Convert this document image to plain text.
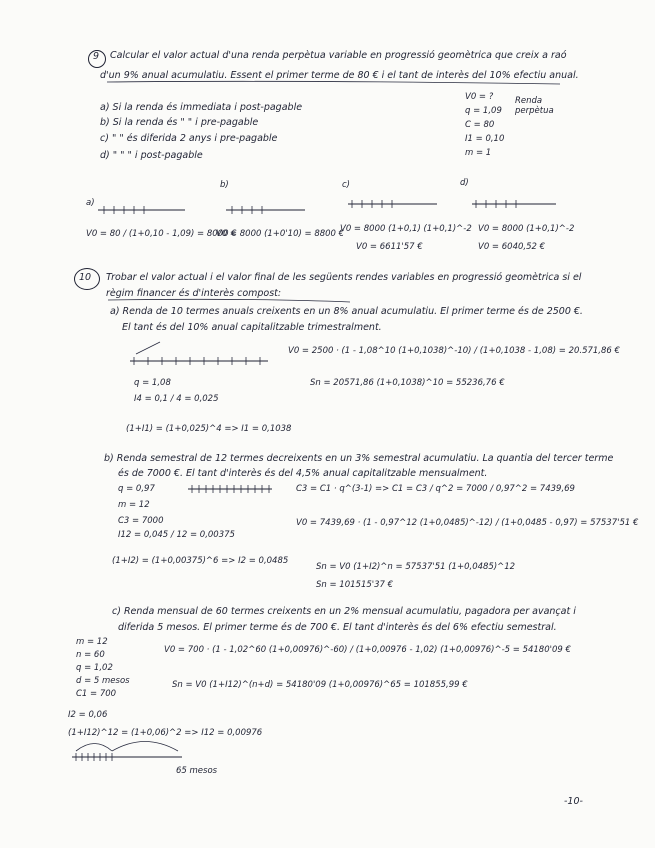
9 Calcular el valor actual d'una renda perpètua variable en progressió geomètrica que creix a raó
d'un 9% anual acumulatiu. Essent el primer terme de 80 € i el tant de interès del 10% efectiu anual.
V0 = ?
q = 1,09
C = 80
I1 = 0,10
m = 1
Renda perpètua
a) Si la renda és immediata i post-pagable
b) Si la renda és " " i pre-pagable
c) " " és diferida 2 anys i pre-pagable
d) " " " i post-pagable
a)
b)	c)	d)
V0 = 80 / (1+0,10 - 1,09) = 8000 €
V0 = 8000 (1+0'10) = 8800 €
V0 = 8000 (1+0,1) (1+0,1)^-2
V0 = 6611'57 €
V0 = 8000 (1+0,1)^-2
V0 = 6040,52 €
10 Trobar el valor actual i el valor final de les següents rendes variables en progressió geomètrica si el
règim financer és d'interès compost:
a) Renda de 10 termes anuals creixents en un 8% anual acumulatiu. El primer terme és de 2500 €.
El tant és del 10% anual capitalitzable trimestralment.
q = 1,08
I4 = 0,1 / 4 = 0,025
(1+I1) = (1+0,025)^4 => I1 = 0,1038
V0 = 2500 · (1 - 1,08^10 (1+0,1038)^-10) / (1+0,1038 - 1,08) = 20.571,86 €
Sn = 20571,86 (1+0,1038)^10 = 55236,76 €
b) Renda semestral de 12 termes decreixents en un 3% semestral acumulatiu. La quantia del tercer terme
és de 7000 €. El tant d'interès és del 4,5% anual capitalitzable mensualment.
q = 0,97
m = 12
C3 = 7000
I12 = 0,045 / 12 = 0,00375
(1+I2) = (1+0,00375)^6 => I2 = 0,0485
C3 = C1 · q^(3-1) => C1 = C3 / q^2 = 7000 / 0,97^2 = 7439,69
V0 = 7439,69 · (1 - 0,97^12 (1+0,0485)^-12) / (1+0,0485 - 0,97) = 57537'51 €
Sn = V0 (1+I2)^n = 57537'51 (1+0,0485)^12
Sn = 101515'37 €
c) Renda mensual de 60 termes creixents en un 2% mensual acumulatiu, pagadora per avançat i
diferida 5 mesos. El primer terme és de 700 €. El tant d'interès és del 6% efectiu semestral.
m = 12
n = 60
q = 1,02
d = 5 mesos
C1 = 700
I2 = 0,06
(1+I12)^12 = (1+0,06)^2 => I12 = 0,00976
V0 = 700 · (1 - 1,02^60 (1+0,00976)^-60) / (1+0,00976 - 1,02) (1+0,00976)^-5 = 54180'09 €
Sn = V0 (1+I12)^(n+d) = 54180'09 (1+0,00976)^65 = 101855,99 €
65 mesos
-10-
